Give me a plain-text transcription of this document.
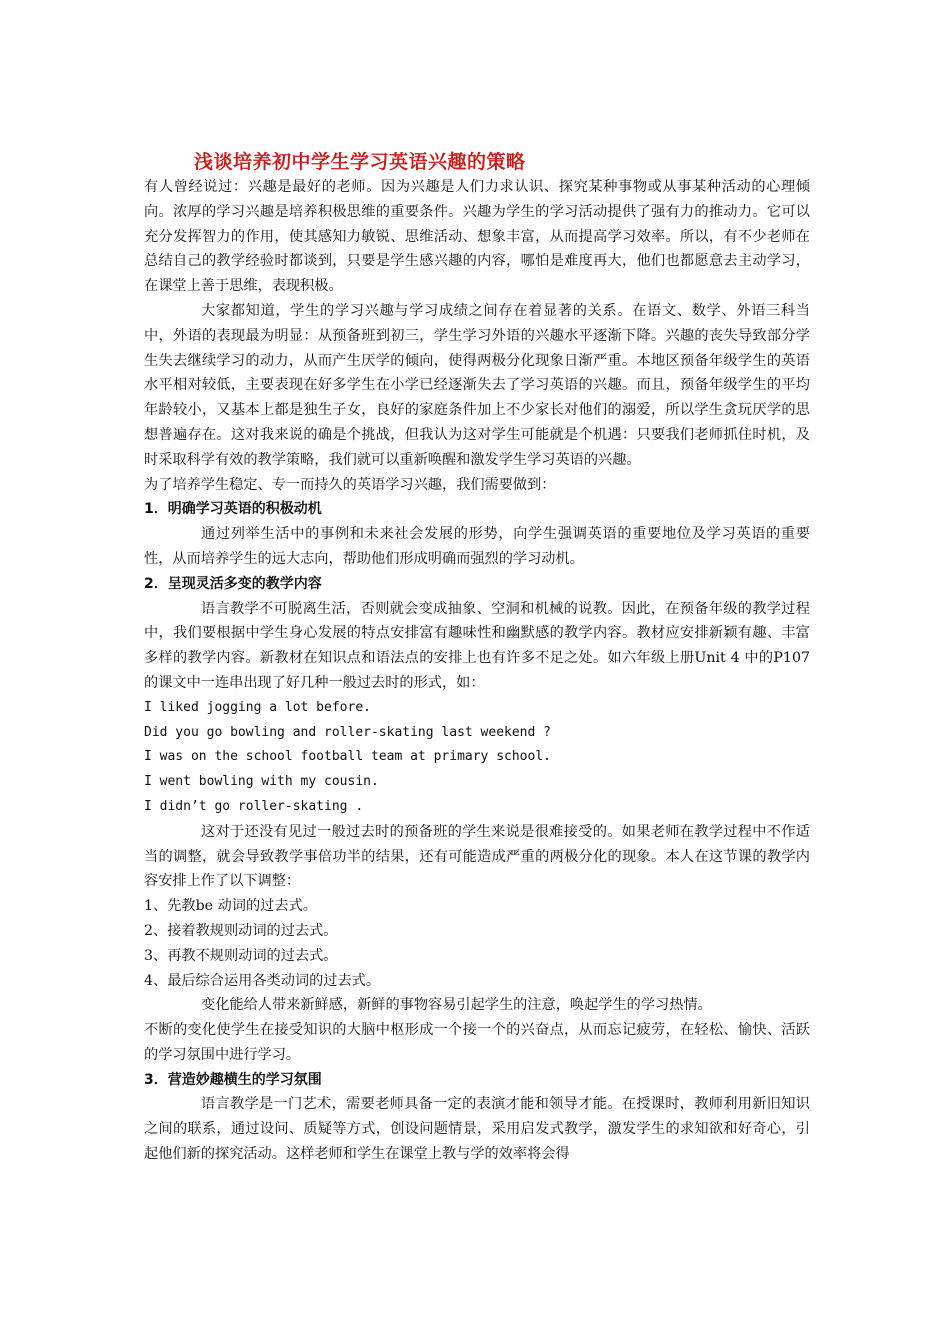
浅谈培养初中学生学习英语兴趣的策略

有人曾经说过：兴趣是最好的老师。因为兴趣是人们力求认识、探究某种事物或从事某种活动的心理倾向。浓厚的学习兴趣是培养积极思维的重要条件。兴趣为学生的学习活动提供了强有力的推动力。它可以充分发挥智力的作用，使其感知力敏锐、思维活动、想象丰富，从而提高学习效率。所以，有不少老师在总结自己的教学经验时都谈到，只要是学生感兴趣的内容，哪怕是难度再大，他们也都愿意去主动学习，在课堂上善于思维，表现积极。

大家都知道，学生的学习兴趣与学习成绩之间存在着显著的关系。在语文、数学、外语三科当中，外语的表现最为明显：从预备班到初三，学生学习外语的兴趣水平逐渐下降。兴趣的丧失导致部分学生失去继续学习的动力，从而产生厌学的倾向，使得两极分化现象日渐严重。本地区预备年级学生的英语水平相对较低，主要表现在好多学生在小学已经逐渐失去了学习英语的兴趣。而且，预备年级学生的平均年龄较小，又基本上都是独生子女，良好的家庭条件加上不少家长对他们的溺爱，所以学生贪玩厌学的思想普遍存在。这对我来说的确是个挑战，但我认为这对学生可能就是个机遇：只要我们老师抓住时机，及时采取科学有效的教学策略，我们就可以重新唤醒和激发学生学习英语的兴趣。

为了培养学生稳定、专一而持久的英语学习兴趣，我们需要做到：

1．明确学习英语的积极动机

通过列举生活中的事例和未来社会发展的形势，向学生强调英语的重要地位及学习英语的重要性，从而培养学生的远大志向，帮助他们形成明确而强烈的学习动机。

2．呈现灵活多变的教学内容

语言教学不可脱离生活，否则就会变成抽象、空洞和机械的说教。因此，在预备年级的教学过程中，我们要根据中学生身心发展的特点安排富有趣味性和幽默感的教学内容。教材应安排新颖有趣、丰富多样的教学内容。新教材在知识点和语法点的安排上也有许多不足之处。如六年级上册Unit 4 中的P107 的课文中一连串出现了好几种一般过去时的形式，如：

I liked jogging a lot before.
Did you go bowling and roller-skating last weekend ?
I was on the school football team at primary school.
I went bowling with my cousin.
I didn’t go roller-skating .

这对于还没有见过一般过去时的预备班的学生来说是很难接受的。如果老师在教学过程中不作适当的调整，就会导致教学事倍功半的结果，还有可能造成严重的两极分化的现象。本人在这节课的教学内容安排上作了以下调整：

1、先教be 动词的过去式。

2、接着教规则动词的过去式。

3、再教不规则动词的过去式。

4、最后综合运用各类动词的过去式。

变化能给人带来新鲜感，新鲜的事物容易引起学生的注意，唤起学生的学习热情。

不断的变化使学生在接受知识的大脑中枢形成一个接一个的兴奋点，从而忘记疲劳，在轻松、愉快、活跃的学习氛围中进行学习。

3．营造妙趣横生的学习氛围

语言教学是一门艺术，需要老师具备一定的表演才能和领导才能。在授课时，教师利用新旧知识之间的联系，通过设问、质疑等方式，创设问题情景，采用启发式教学，激发学生的求知欲和好奇心，引起他们新的探究活动。这样老师和学生在课堂上教与学的效率将会得
